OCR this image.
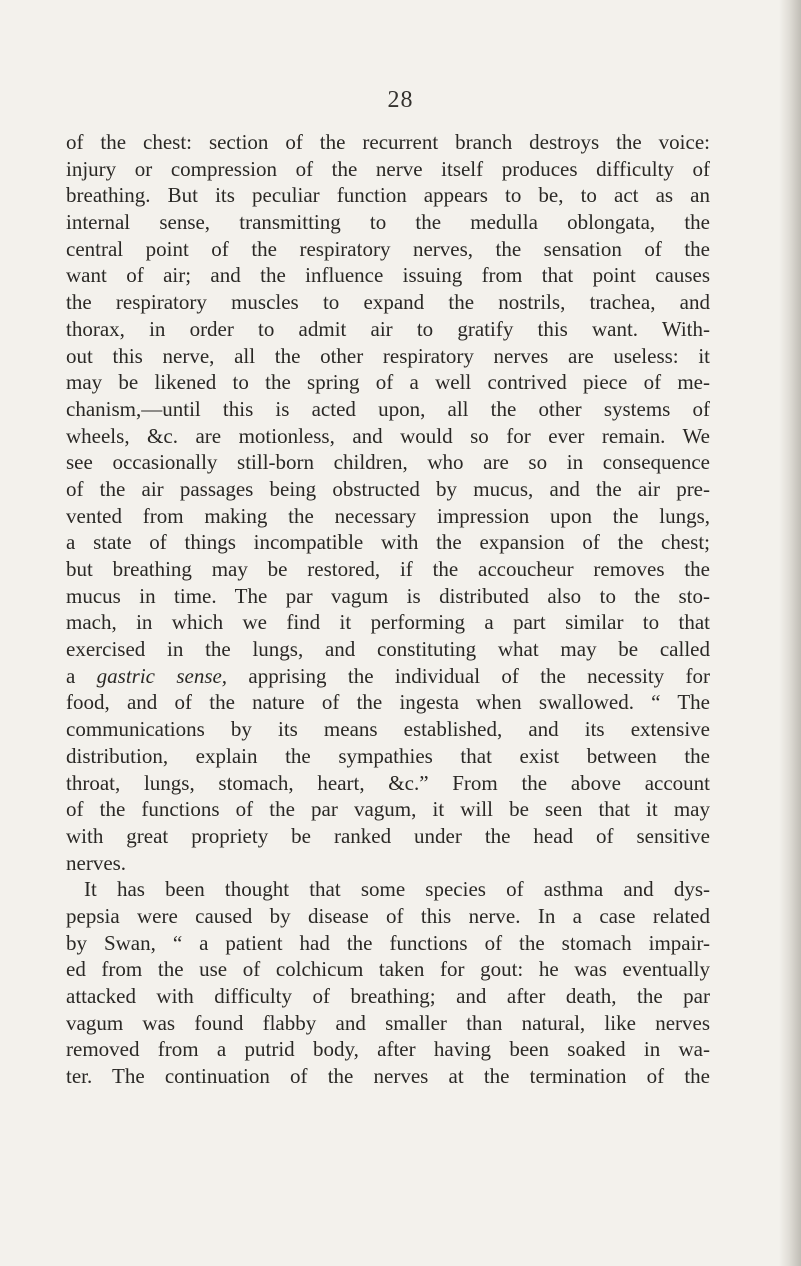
28
of the chest: section of the recurrent branch destroys the voice:
injury or compression of the nerve itself produces difficulty of
breathing. But its peculiar function appears to be, to act as an
internal sense, transmitting to the medulla oblongata, the
central point of the respiratory nerves, the sensation of the
want of air; and the influence issuing from that point causes
the respiratory muscles to expand the nostrils, trachea, and
thorax, in order to admit air to gratify this want. With-
out this nerve, all the other respiratory nerves are useless: it
may be likened to the spring of a well contrived piece of me-
chanism,—until this is acted upon, all the other systems of
wheels, &c. are motionless, and would so for ever remain. We
see occasionally still-born children, who are so in consequence
of the air passages being obstructed by mucus, and the air pre-
vented from making the necessary impression upon the lungs,
a state of things incompatible with the expansion of the chest;
but breathing may be restored, if the accoucheur removes the
mucus in time. The par vagum is distributed also to the sto-
mach, in which we find it performing a part similar to that
exercised in the lungs, and constituting what may be called
a gastric sense, apprising the individual of the necessity for
food, and of the nature of the ingesta when swallowed. “ The
communications by its means established, and its extensive
distribution, explain the sympathies that exist between the
throat, lungs, stomach, heart, &c.” From the above account
of the functions of the par vagum, it will be seen that it may
with great propriety be ranked under the head of sensitive
nerves.
It has been thought that some species of asthma and dys-
pepsia were caused by disease of this nerve. In a case related
by Swan, “ a patient had the functions of the stomach impair-
ed from the use of colchicum taken for gout: he was eventually
attacked with difficulty of breathing; and after death, the par
vagum was found flabby and smaller than natural, like nerves
removed from a putrid body, after having been soaked in wa-
ter. The continuation of the nerves at the termination of the
